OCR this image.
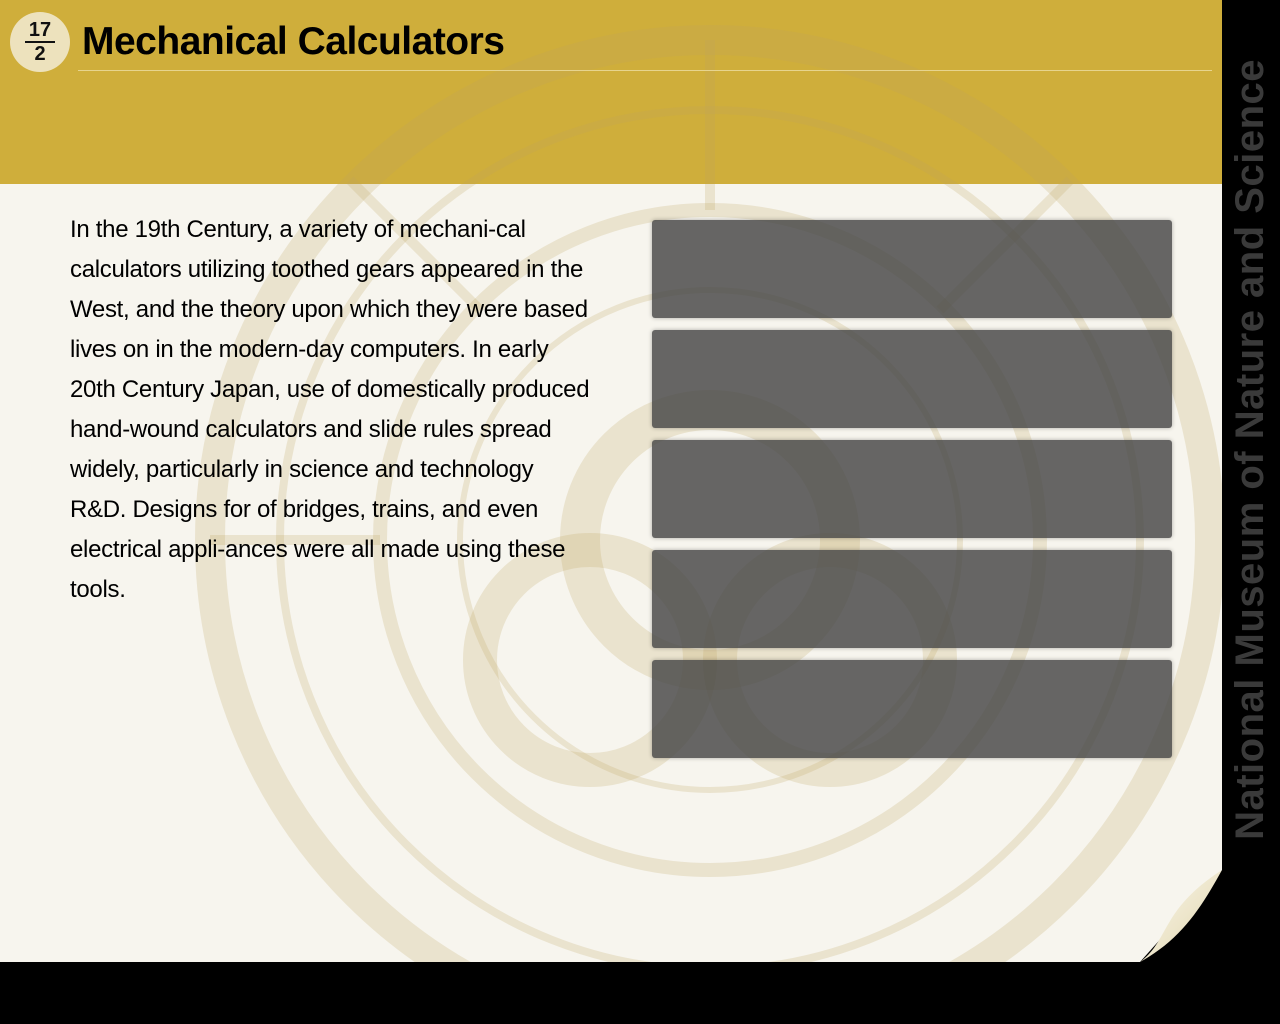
17
2 Mechanical Calculators

In the 19th Century, a variety of mechani-cal calculators utilizing toothed gears appeared in the West, and the theory upon which they were based lives on in the modern-day computers. In early 20th Century Japan, use of domestically produced hand-wound calculators and slide rules spread widely, particularly in science and technology R&D. Designs for of bridges, trains, and even electrical appli-ances were all made using these tools.	National Museum of Nature and Science
